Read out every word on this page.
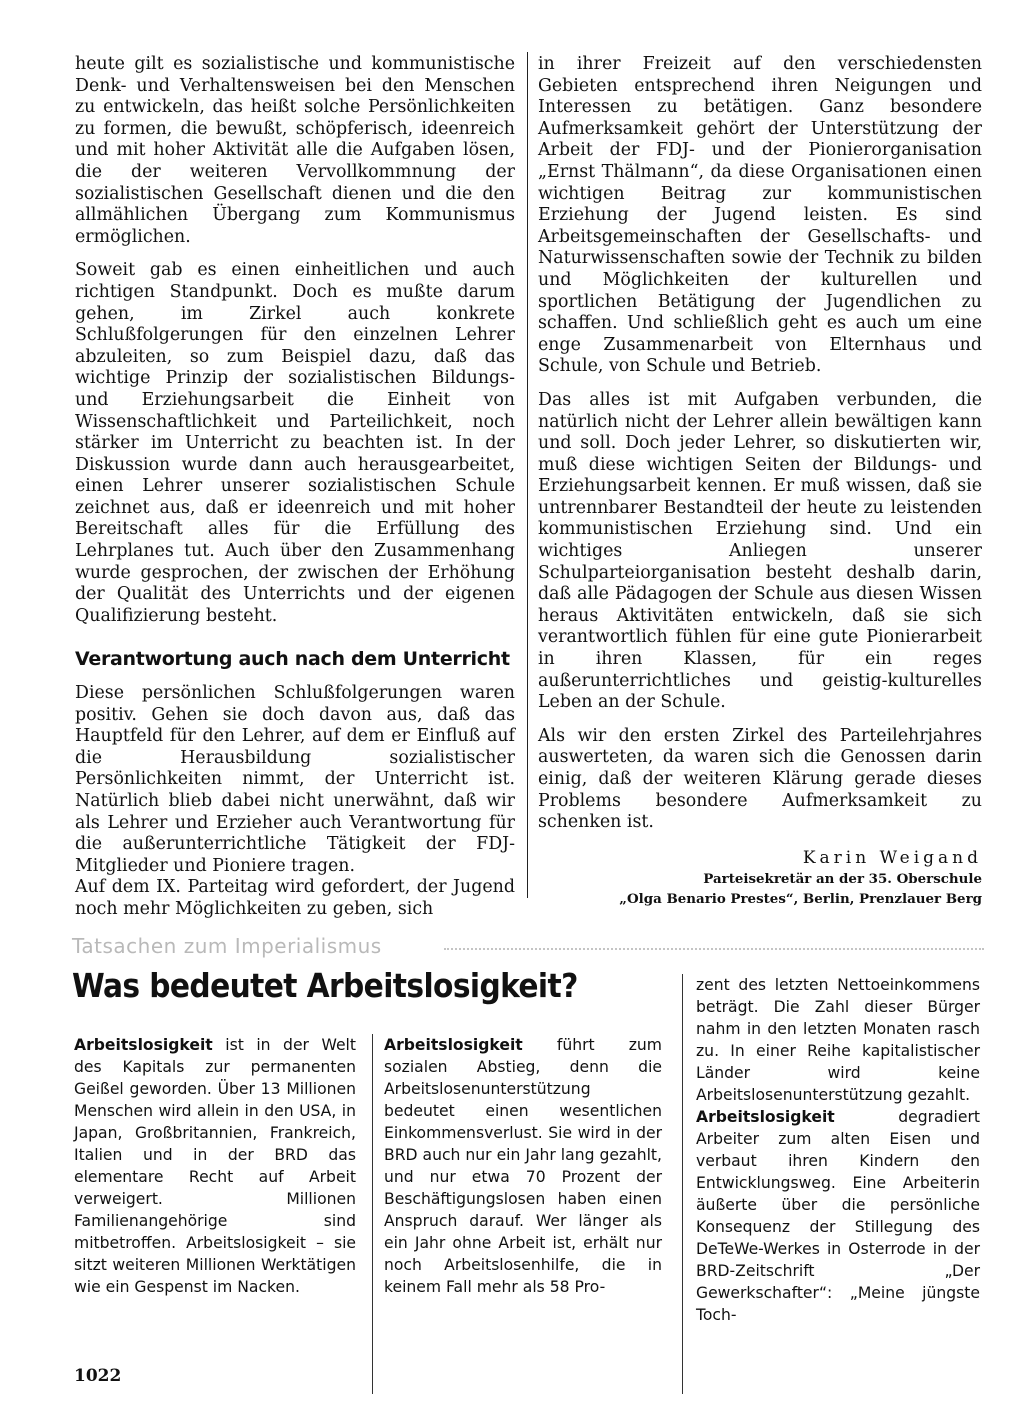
heute gilt es sozialistische und kommunistische Denk- und Verhaltensweisen bei den Menschen zu entwickeln, das heißt solche Persönlichkeiten zu formen, die bewußt, schöpferisch, ideenreich und mit hoher Aktivität alle die Aufgaben lösen, die der weiteren Vervollkommnung der sozialistischen Gesellschaft dienen und die den allmählichen Übergang zum Kommunismus ermöglichen.

Soweit gab es einen einheitlichen und auch richtigen Standpunkt. Doch es mußte darum gehen, im Zirkel auch konkrete Schlußfolgerungen für den einzelnen Lehrer abzuleiten, so zum Beispiel dazu, daß das wichtige Prinzip der sozialistischen Bildungs- und Erziehungsarbeit die Einheit von Wissenschaftlichkeit und Parteilichkeit, noch stärker im Unterricht zu beachten ist. In der Diskussion wurde dann auch herausgearbeitet, einen Lehrer unserer sozialistischen Schule zeichnet aus, daß er ideenreich und mit hoher Bereitschaft alles für die Erfüllung des Lehrplanes tut. Auch über den Zusammenhang wurde gesprochen, der zwischen der Erhöhung der Qualität des Unterrichts und der eigenen Qualifizierung besteht.

Verantwortung auch nach dem Unterricht

Diese persönlichen Schlußfolgerungen waren positiv. Gehen sie doch davon aus, daß das Hauptfeld für den Lehrer, auf dem er Einfluß auf die Herausbildung sozialistischer Persönlichkeiten nimmt, der Unterricht ist. Natürlich blieb dabei nicht unerwähnt, daß wir als Lehrer und Erzieher auch Verantwortung für die außerunterrichtliche Tätigkeit der FDJ-Mitglieder und Pioniere tragen.

Auf dem IX. Parteitag wird gefordert, der Jugend noch mehr Möglichkeiten zu geben, sich

in ihrer Freizeit auf den verschiedensten Gebieten entsprechend ihren Neigungen und Interessen zu betätigen. Ganz besondere Aufmerksamkeit gehört der Unterstützung der Arbeit der FDJ- und der Pionierorganisation „Ernst Thälmann“, da diese Organisationen einen wichtigen Beitrag zur kommunistischen Erziehung der Jugend leisten. Es sind Arbeitsgemeinschaften der Gesellschafts- und Naturwissenschaften sowie der Technik zu bilden und Möglichkeiten der kulturellen und sportlichen Betätigung der Jugendlichen zu schaffen. Und schließlich geht es auch um eine enge Zusammenarbeit von Elternhaus und Schule, von Schule und Betrieb.

Das alles ist mit Aufgaben verbunden, die natürlich nicht der Lehrer allein bewältigen kann und soll. Doch jeder Lehrer, so diskutierten wir, muß diese wichtigen Seiten der Bildungs- und Erziehungsarbeit kennen. Er muß wissen, daß sie untrennbarer Bestandteil der heute zu leistenden kommunistischen Erziehung sind. Und ein wichtiges Anliegen unserer Schulparteiorganisation besteht deshalb darin, daß alle Pädagogen der Schule aus diesen Wissen heraus Aktivitäten entwickeln, daß sie sich verantwortlich fühlen für eine gute Pionierarbeit in ihren Klassen, für ein reges außerunterrichtliches und geistig-kulturelles Leben an der Schule.

Als wir den ersten Zirkel des Parteilehrjahres auswerteten, da waren sich die Genossen darin einig, daß der weiteren Klärung gerade dieses Problems besondere Aufmerksamkeit zu schenken ist.

Karin Weigand
Parteisekretär an der 35. Oberschule
„Olga Benario Prestes“, Berlin, Prenzlauer Berg
Tatsachen zum Imperialismus
Was bedeutet Arbeitslosigkeit?
Arbeitslosigkeit ist in der Welt des Kapitals zur permanenten Geißel geworden. Über 13 Millionen Menschen wird allein in den USA, in Japan, Großbritannien, Frankreich, Italien und in der BRD das elementare Recht auf Arbeit verweigert. Millionen Familienangehörige sind mitbetroffen. Arbeitslosigkeit – sie sitzt weiteren Millionen Werktätigen wie ein Gespenst im Nacken.
Arbeitslosigkeit führt zum sozialen Abstieg, denn die Arbeitslosenunterstützung bedeutet einen wesentlichen Einkommensverlust. Sie wird in der BRD auch nur ein Jahr lang gezahlt, und nur etwa 70 Prozent der Beschäftigungslosen haben einen Anspruch darauf. Wer länger als ein Jahr ohne Arbeit ist, erhält nur noch Arbeitslosenhilfe, die in keinem Fall mehr als 58 Pro-
zent des letzten Nettoeinkommens beträgt. Die Zahl dieser Bürger nahm in den letzten Monaten rasch zu. In einer Reihe kapitalistischer Länder wird keine Arbeitslosenunterstützung gezahlt.
Arbeitslosigkeit degradiert Arbeiter zum alten Eisen und verbaut ihren Kindern den Entwicklungsweg. Eine Arbeiterin äußerte über die persönliche Konsequenz der Stillegung des DeTeWe-Werkes in Osterrode in der BRD-Zeitschrift „Der Gewerkschafter“: „Meine jüngste Toch-
1022
